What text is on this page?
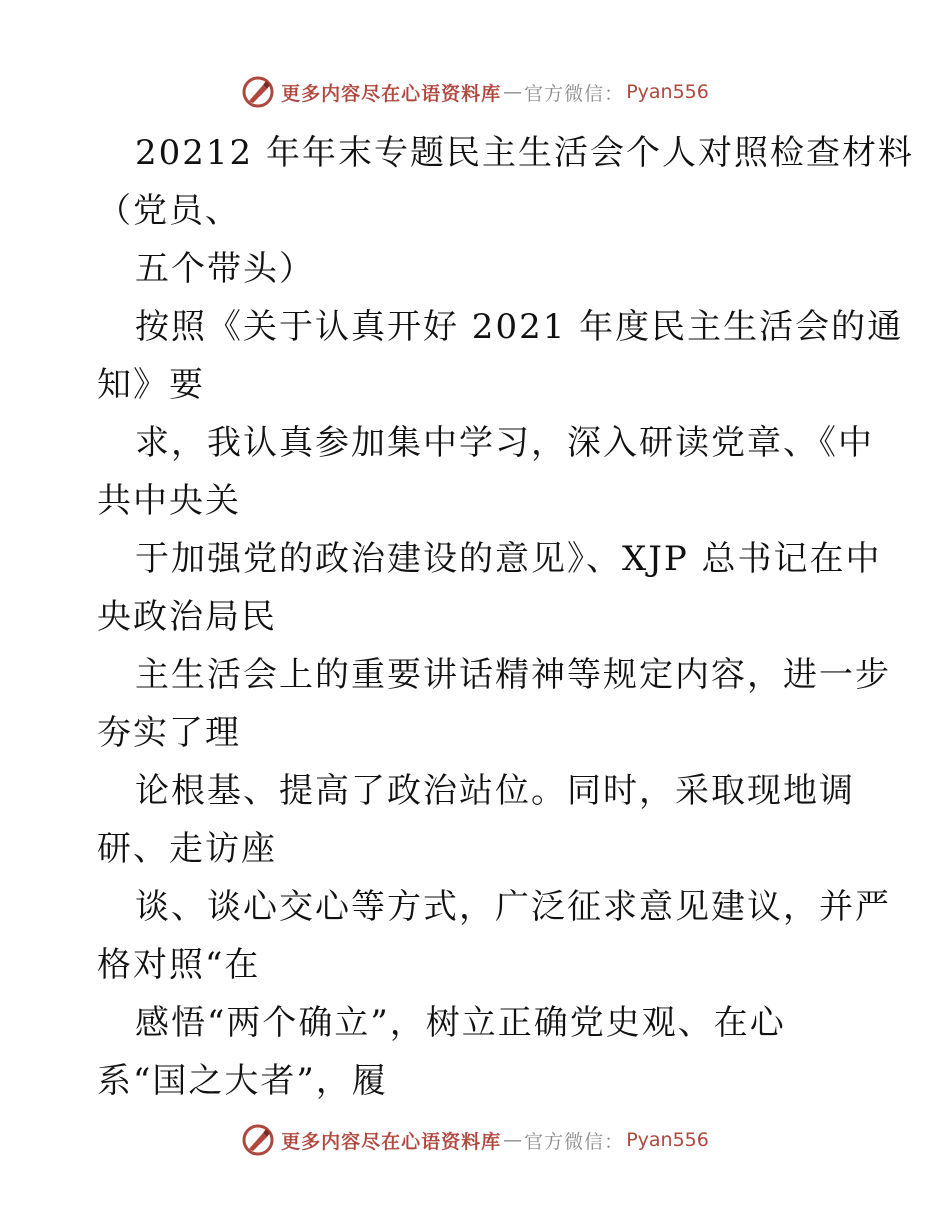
更多内容尽在心语资料库 — 官方微信： Pyan556
20212 年年末专题民主生活会个人对照检查材料
（党员、
五个带头）
按照《关于认真开好 2021 年度民主生活会的通
知》要
求，我认真参加集中学习，深入研读党章、《中
共中央关
于加强党的政治建设的意见》、XJP 总书记在中
央政治局民
主生活会上的重要讲话精神等规定内容，进一步
夯实了理
论根基、提高了政治站位。同时，采取现地调
研、走访座
谈、谈心交心等方式，广泛征求意见建议，并严
格对照“在
感悟“两个确立”，树立正确党史观、在心
系“国之大者”，履
更多内容尽在心语资料库 — 官方微信： Pyan556
